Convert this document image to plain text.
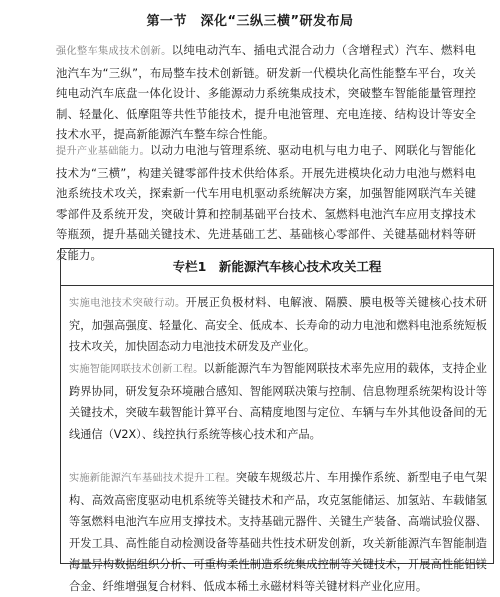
第一节　深化“三纵三横”研发布局
强化整车集成技术创新。以纯电动汽车、插电式混合动力（含增程式）汽车、燃料电池汽车为“三纵”，布局整车技术创新链。研发新一代模块化高性能整车平台，攻关纯电动汽车底盘一体化设计、多能源动力系统集成技术，突破整车智能能量管理控制、轻量化、低摩阻等共性节能技术，提升电池管理、充电连接、结构设计等安全技术水平，提高新能源汽车整车综合性能。
提升产业基础能力。以动力电池与管理系统、驱动电机与电力电子、网联化与智能化技术为“三横”，构建关键零部件技术供给体系。开展先进模块化动力电池与燃料电池系统技术攻关，探索新一代车用电机驱动系统解决方案，加强智能网联汽车关键零部件及系统开发，突破计算和控制基础平台技术、氢燃料电池汽车应用支撑技术等瓶颈，提升基础关键技术、先进基础工艺、基础核心零部件、关键基础材料等研发能力。
专栏1　新能源汽车核心技术攻关工程
实施电池技术突破行动。开展正负极材料、电解液、隔膜、膜电极等关键核心技术研究，加强高强度、轻量化、高安全、低成本、长寿命的动力电池和燃料电池系统短板技术攻关，加快固态动力电池技术研发及产业化。
实施智能网联技术创新工程。以新能源汽车为智能网联技术率先应用的载体，支持企业跨界协同，研发复杂环境融合感知、智能网联决策与控制、信息物理系统架构设计等关键技术，突破车载智能计算平台、高精度地图与定位、车辆与车外其他设备间的无线通信（V2X）、线控执行系统等核心技术和产品。
实施新能源汽车基础技术提升工程。突破车规级芯片、车用操作系统、新型电子电气架构、高效高密度驱动电机系统等关键技术和产品，攻克氢能储运、加氢站、车载储氢等氢燃料电池汽车应用支撑技术。支持基础元器件、关键生产装备、高端试验仪器、开发工具、高性能自动检测设备等基础共性技术研发创新，攻关新能源汽车智能制造海量异构数据组织分析、可重构柔性制造系统集成控制等关键技术，开展高性能铝镁合金、纤维增强复合材料、低成本稀土永磁材料等关键材料产业化应用。
